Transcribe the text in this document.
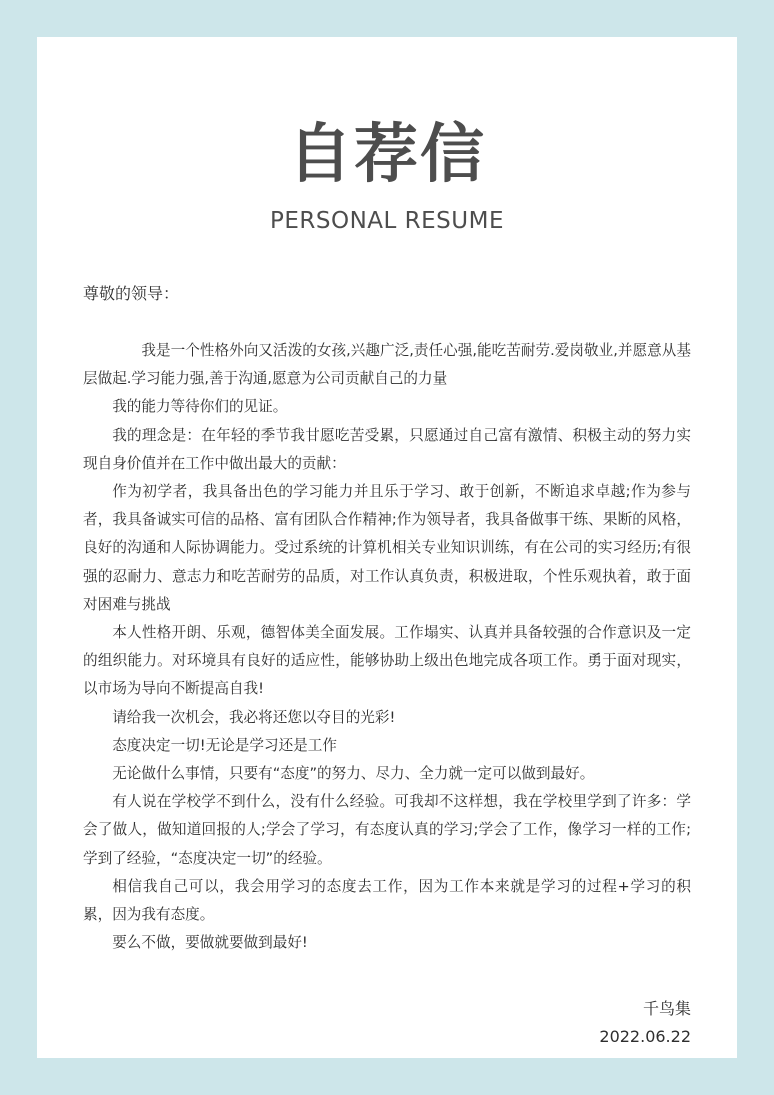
自荐信
PERSONAL RESUME
尊敬的领导：

我是一个性格外向又活泼的女孩,兴趣广泛,责任心强,能吃苦耐劳.爱岗敬业,并愿意从基层做起.学习能力强,善于沟通,愿意为公司贡献自己的力量

我的能力等待你们的见证。

我的理念是：在年轻的季节我甘愿吃苦受累，只愿通过自己富有激情、积极主动的努力实现自身价值并在工作中做出最大的贡献：

作为初学者，我具备出色的学习能力并且乐于学习、敢于创新，不断追求卓越;作为参与者，我具备诚实可信的品格、富有团队合作精神;作为领导者，我具备做事干练、果断的风格，良好的沟通和人际协调能力。受过系统的计算机相关专业知识训练，有在公司的实习经历;有很强的忍耐力、意志力和吃苦耐劳的品质，对工作认真负责，积极进取，个性乐观执着，敢于面对困难与挑战

本人性格开朗、乐观，德智体美全面发展。工作塌实、认真并具备较强的合作意识及一定的组织能力。对环境具有良好的适应性，能够协助上级出色地完成各项工作。勇于面对现实，以市场为导向不断提高自我!

请给我一次机会，我必将还您以夺目的光彩!

态度决定一切!无论是学习还是工作

无论做什么事情，只要有“态度”的努力、尽力、全力就一定可以做到最好。

有人说在学校学不到什么，没有什么经验。可我却不这样想，我在学校里学到了许多：学会了做人，做知道回报的人;学会了学习，有态度认真的学习;学会了工作，像学习一样的工作;学到了经验，“态度决定一切”的经验。

相信我自己可以，我会用学习的态度去工作，因为工作本来就是学习的过程+学习的积累，因为我有态度。

要么不做，要做就要做到最好!

千鸟集
2022.06.22
